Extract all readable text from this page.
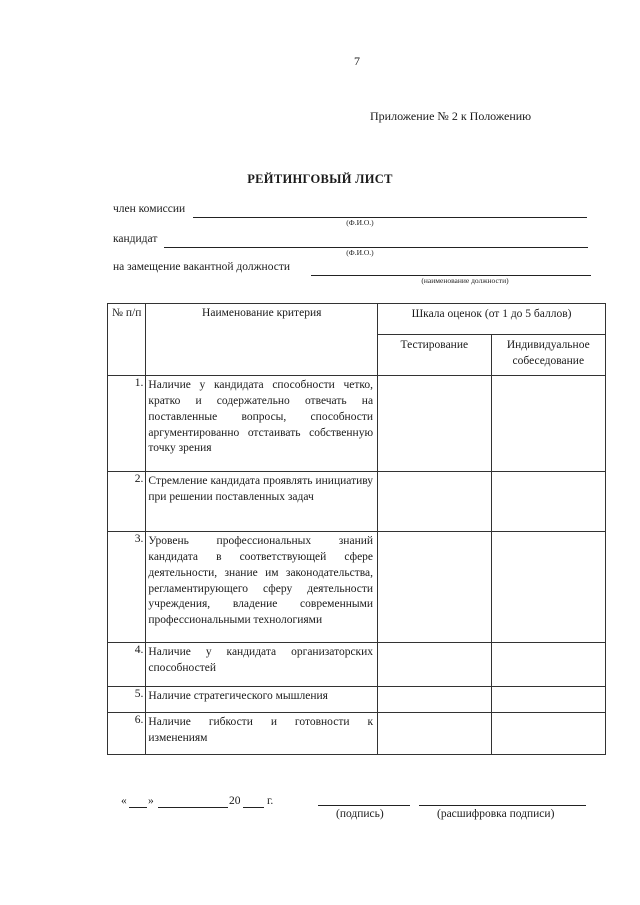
7
Приложение № 2 к Положению
РЕЙТИНГОВЫЙ ЛИСТ
член комиссии
(Ф.И.О.)
кандидат
(Ф.И.О.)
на замещение вакантной должности
(наименование должности)
№ п/п	Наименование критерия	Шкала оценок (от 1 до 5 баллов)	
		Тестирование	Индивидуальное собеседование
1.	Наличие у кандидата способности четко, кратко и содержательно отвечать на поставленные вопросы, способности аргументированно отстаивать собственную точку зрения		

2.	Стремление кандидата проявлять инициативу при решении поставленных задач		

3.	Уровень профессиональных знаний кандидата в соответствующей сфере деятельности, знание им законодательства, регламентирующего сферу деятельности учреждения, владение современными профессиональными технологиями		

4.	Наличие у кандидата организаторских способностей		

5.	Наличие стратегического мышления		

6.	Наличие гибкости и готовности к изменениям		

« »	20 г.
(подпись)	(расшифровка подписи)
